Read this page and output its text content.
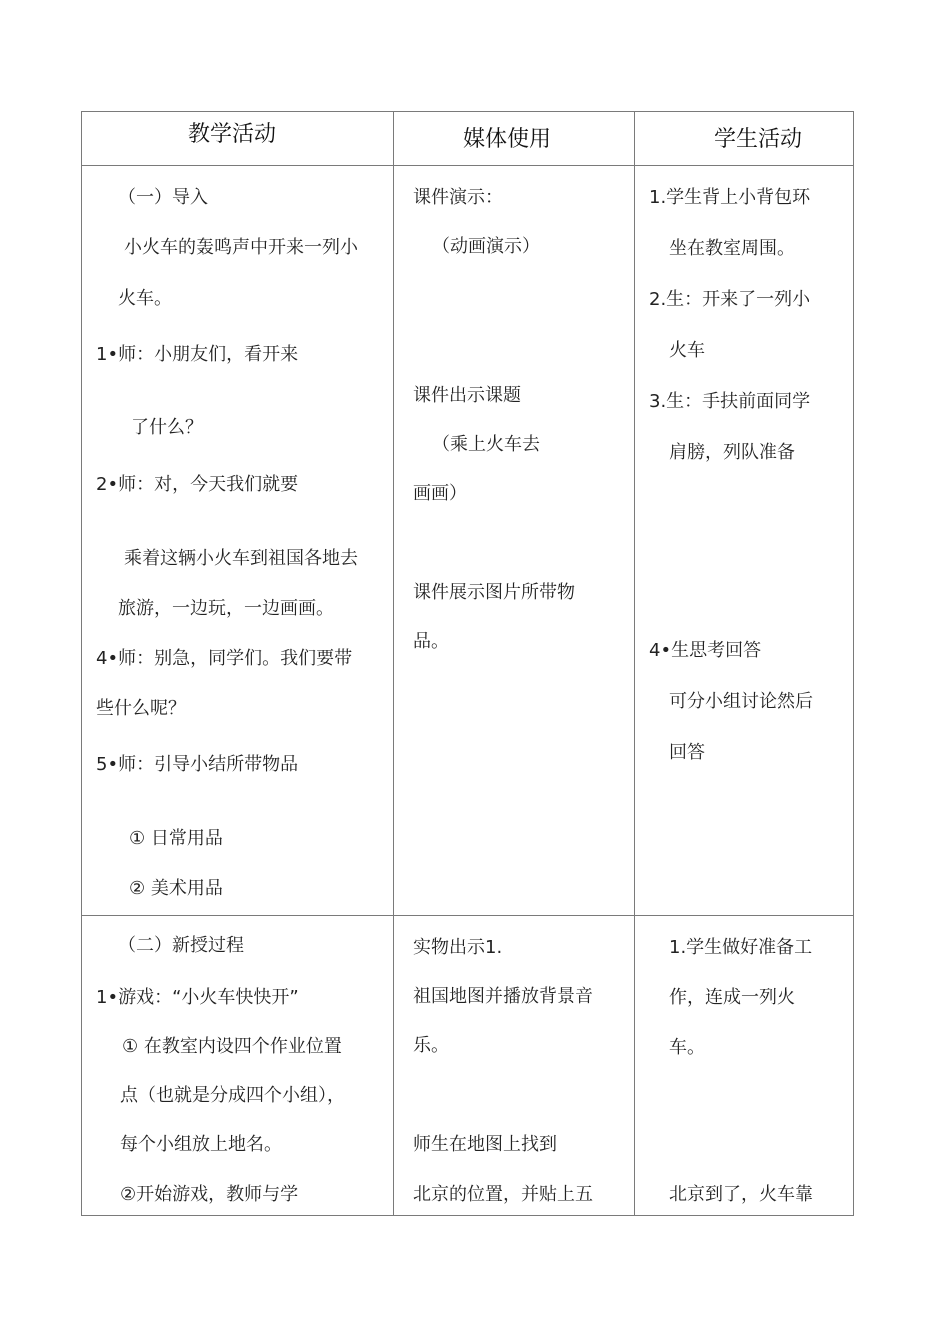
教学活动	媒体使用	学生活动
（一）导入
小火车的轰鸣声中开来一列小
火车。
1•师：小朋友们，看开来
了什么？
2•师：对，今天我们就要
乘着这辆小火车到祖国各地去
旅游，一边玩，一边画画。
4•师：别急，同学们。我们要带
些什么呢？
5•师：引导小结所带物品
① 日常用品
② 美术用品
课件演示：
（动画演示）
课件出示课题
（乘上火车去
画画）
课件展示图片所带物
品。
1.学生背上小背包环
坐在教室周围。
2.生：开来了一列小
火车
3.生：手扶前面同学
肩膀，列队准备
4•生思考回答
可分小组讨论然后
回答
（二）新授过程
1•游戏：“小火车快快开”
① 在教室内设四个作业位置
点（也就是分成四个小组），
每个小组放上地名。
②开始游戏，教师与学
实物出示1.
祖国地图并播放背景音
乐。
师生在地图上找到
北京的位置，并贴上五
1.学生做好准备工
作，连成一列火
车。
北京到了，火车靠
